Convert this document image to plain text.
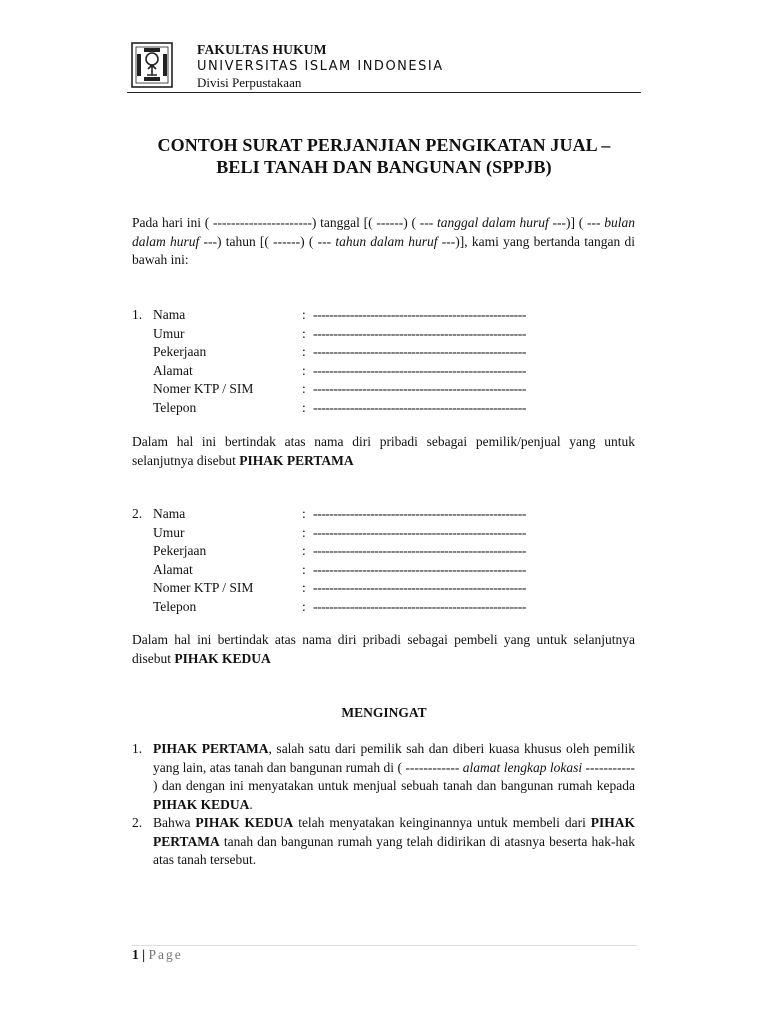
FAKULTAS HUKUM
UNIVERSITAS ISLAM INDONESIA
Divisi Perpustakaan
CONTOH SURAT PERJANJIAN PENGIKATAN JUAL –
BELI TANAH DAN BANGUNAN (SPPJB)
Pada hari ini ( ----------------------) tanggal [( ------) ( --- tanggal dalam huruf ---)] ( --- bulan dalam huruf ---) tahun [( ------) ( --- tahun dalam huruf ---)], kami yang bertanda tangan di bawah ini:
1. Nama	: ----------------------------------------------------
Umur	: ----------------------------------------------------
Pekerjaan	: ----------------------------------------------------
Alamat	: ----------------------------------------------------
Nomer KTP / SIM	: ----------------------------------------------------
Telepon	: ----------------------------------------------------
Dalam hal ini bertindak atas nama diri pribadi sebagai pemilik/penjual yang untuk selanjutnya disebut PIHAK PERTAMA
2. Nama	: ----------------------------------------------------
Umur	: ----------------------------------------------------
Pekerjaan	: ----------------------------------------------------
Alamat	: ----------------------------------------------------
Nomer KTP / SIM	: ----------------------------------------------------
Telepon	: ----------------------------------------------------
Dalam hal ini bertindak atas nama diri pribadi sebagai pembeli yang untuk selanjutnya disebut PIHAK KEDUA
MENGINGAT
1. PIHAK PERTAMA, salah satu dari pemilik sah dan diberi kuasa khusus oleh pemilik yang lain, atas tanah dan bangunan rumah di ( ------------ alamat lengkap lokasi ----------- ) dan dengan ini menyatakan untuk menjual sebuah tanah dan bangunan rumah kepada PIHAK KEDUA.
2. Bahwa PIHAK KEDUA telah menyatakan keinginannya untuk membeli dari PIHAK PERTAMA tanah dan bangunan rumah yang telah didirikan di atasnya beserta hak-hak atas tanah tersebut.
1 | Page
